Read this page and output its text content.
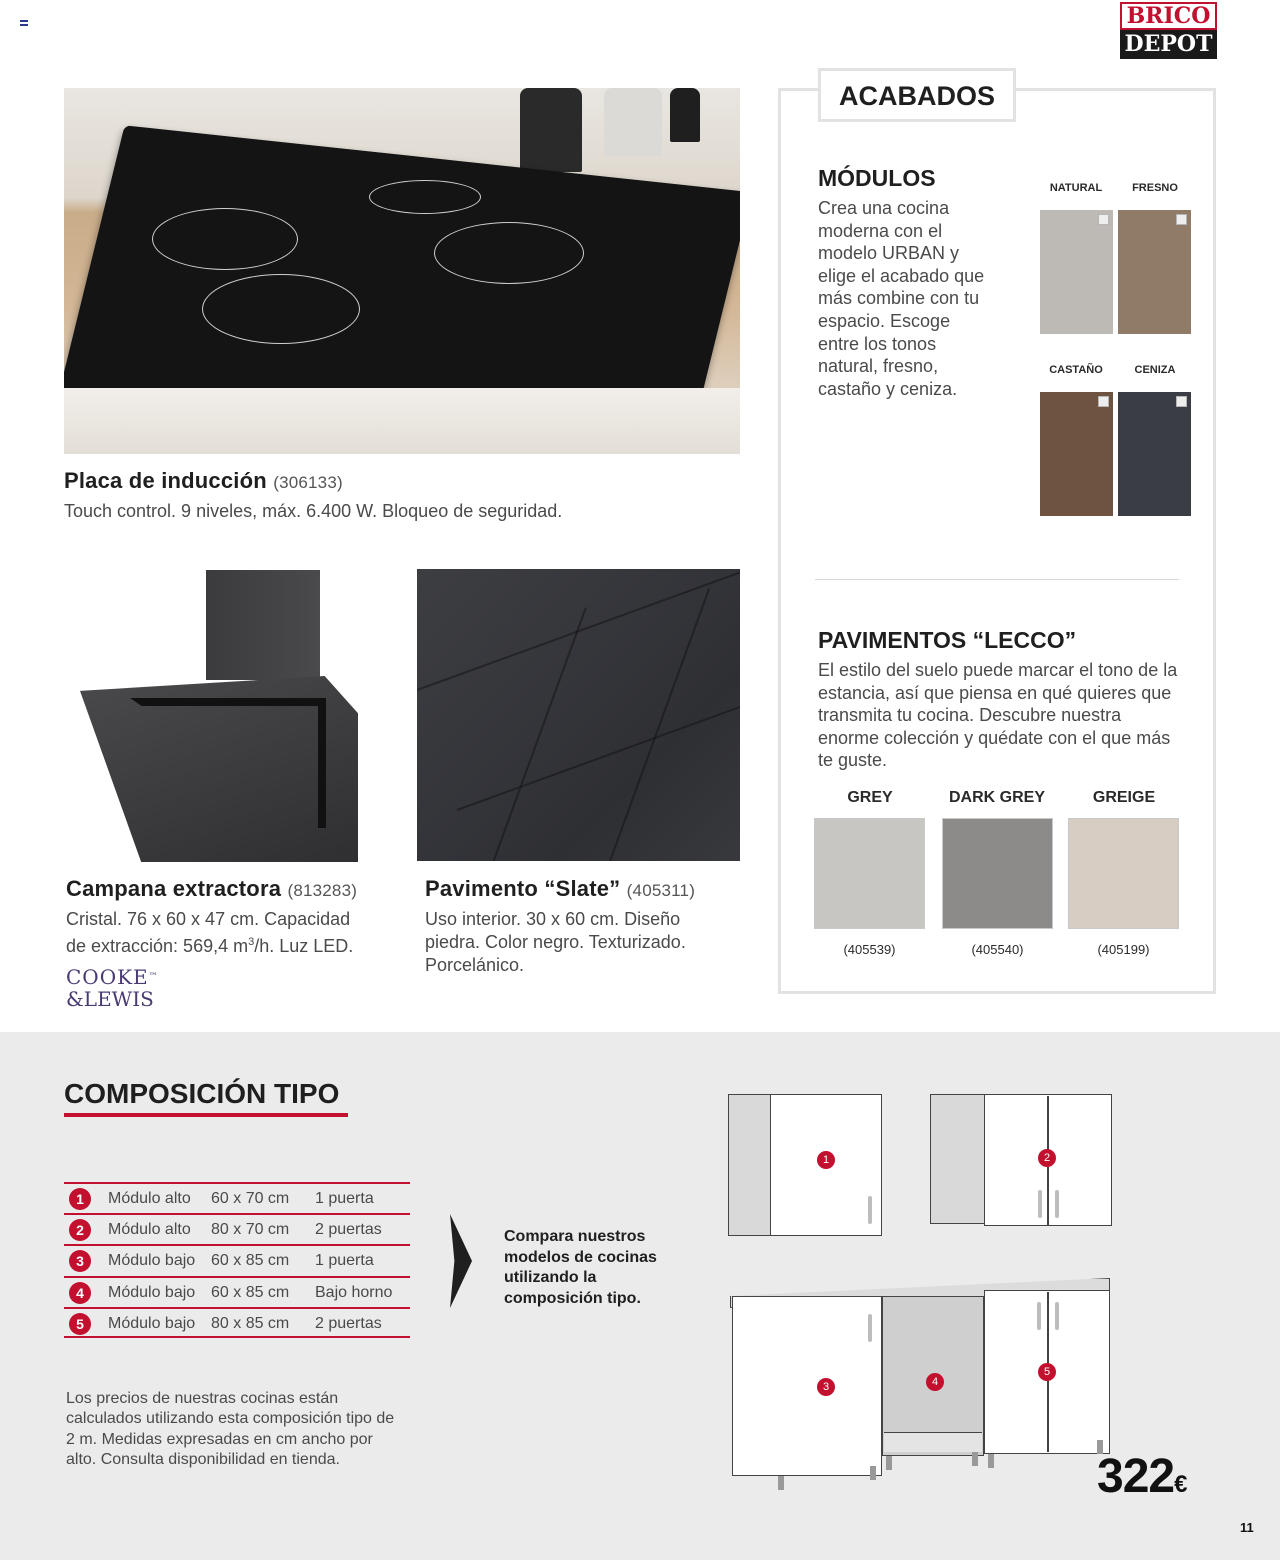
BRICO
DEPOT
Placa de inducción (306133)
Touch control. 9 niveles, máx. 6.400 W. Bloqueo de seguridad.
Campana extractora (813283)
Cristal. 76 x 60 x 47 cm. Capacidad
de extracción: 569,4 $m^3/h$. Luz LED.
COOKE™
&LEWIS
Pavimento “Slate” (405311)
Uso interior. 30 x 60 cm. Diseño piedra. Color negro. Texturizado. Porcelánico.
ACABADOS
MÓDULOS
Crea una cocina moderna con el modelo URBAN y elige el acabado que más combine con tu espacio. Escoge entre los tonos natural, fresno, castaño y ceniza.
NATURAL	FRESNO
CASTAÑO	CENIZA
PAVIMENTOS “LECCO”
El estilo del suelo puede marcar el tono de la estancia, así que piensa en qué quieres que transmita tu cocina. Descubre nuestra enorme colección y quédate con el que más te guste.
GREY	DARK GREY	GREIGE
(405539)	(405540)	(405199)
COMPOSICIÓN TIPO
1	Módulo alto 60 x 70 cm 1 puerta
2	Módulo alto 80 x 70 cm 2 puertas
3	Módulo bajo 60 x 85 cm 1 puerta
4	Módulo bajo 60 x 85 cm Bajo horno
5	Módulo bajo 80 x 85 cm 2 puertas
Los precios de nuestras cocinas están calculados utilizando esta composición tipo de 2 m. Medidas expresadas en cm ancho por alto. Consulta disponibilidad en tienda.
Compara nuestros modelos de cocinas utilizando la composición tipo.
1	2
3	4
5
322€
11
